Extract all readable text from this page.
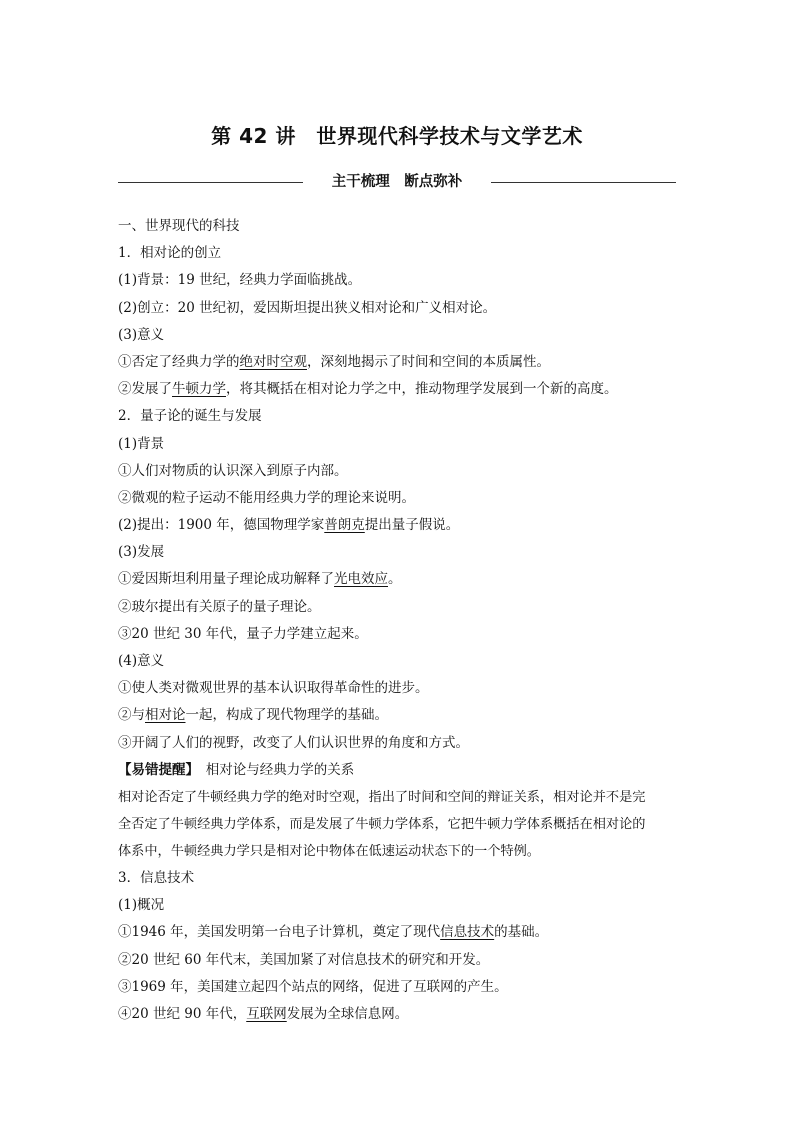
第 42 讲　世界现代科学技术与文学艺术
主干梳理　断点弥补
一、世界现代的科技
1．相对论的创立
(1)背景：19 世纪，经典力学面临挑战。
(2)创立：20 世纪初，爱因斯坦提出狭义相对论和广义相对论。
(3)意义
①否定了经典力学的绝对时空观，深刻地揭示了时间和空间的本质属性。
②发展了牛顿力学，将其概括在相对论力学之中，推动物理学发展到一个新的高度。
2．量子论的诞生与发展
(1)背景
①人们对物质的认识深入到原子内部。
②微观的粒子运动不能用经典力学的理论来说明。
(2)提出：1900 年，德国物理学家普朗克提出量子假说。
(3)发展
①爱因斯坦利用量子理论成功解释了光电效应。
②玻尔提出有关原子的量子理论。
③20 世纪 30 年代，量子力学建立起来。
(4)意义
①使人类对微观世界的基本认识取得革命性的进步。
②与相对论一起，构成了现代物理学的基础。
③开阔了人们的视野，改变了人们认识世界的角度和方式。
【易错提醒】　相对论与经典力学的关系
相对论否定了牛顿经典力学的绝对时空观，指出了时间和空间的辩证关系，相对论并不是完
全否定了牛顿经典力学体系，而是发展了牛顿力学体系，它把牛顿力学体系概括在相对论的
体系中，牛顿经典力学只是相对论中物体在低速运动状态下的一个特例。
3．信息技术
(1)概况
①1946 年，美国发明第一台电子计算机，奠定了现代信息技术的基础。
②20 世纪 60 年代末，美国加紧了对信息技术的研究和开发。
③1969 年，美国建立起四个站点的网络，促进了互联网的产生。
④20 世纪 90 年代，互联网发展为全球信息网。
